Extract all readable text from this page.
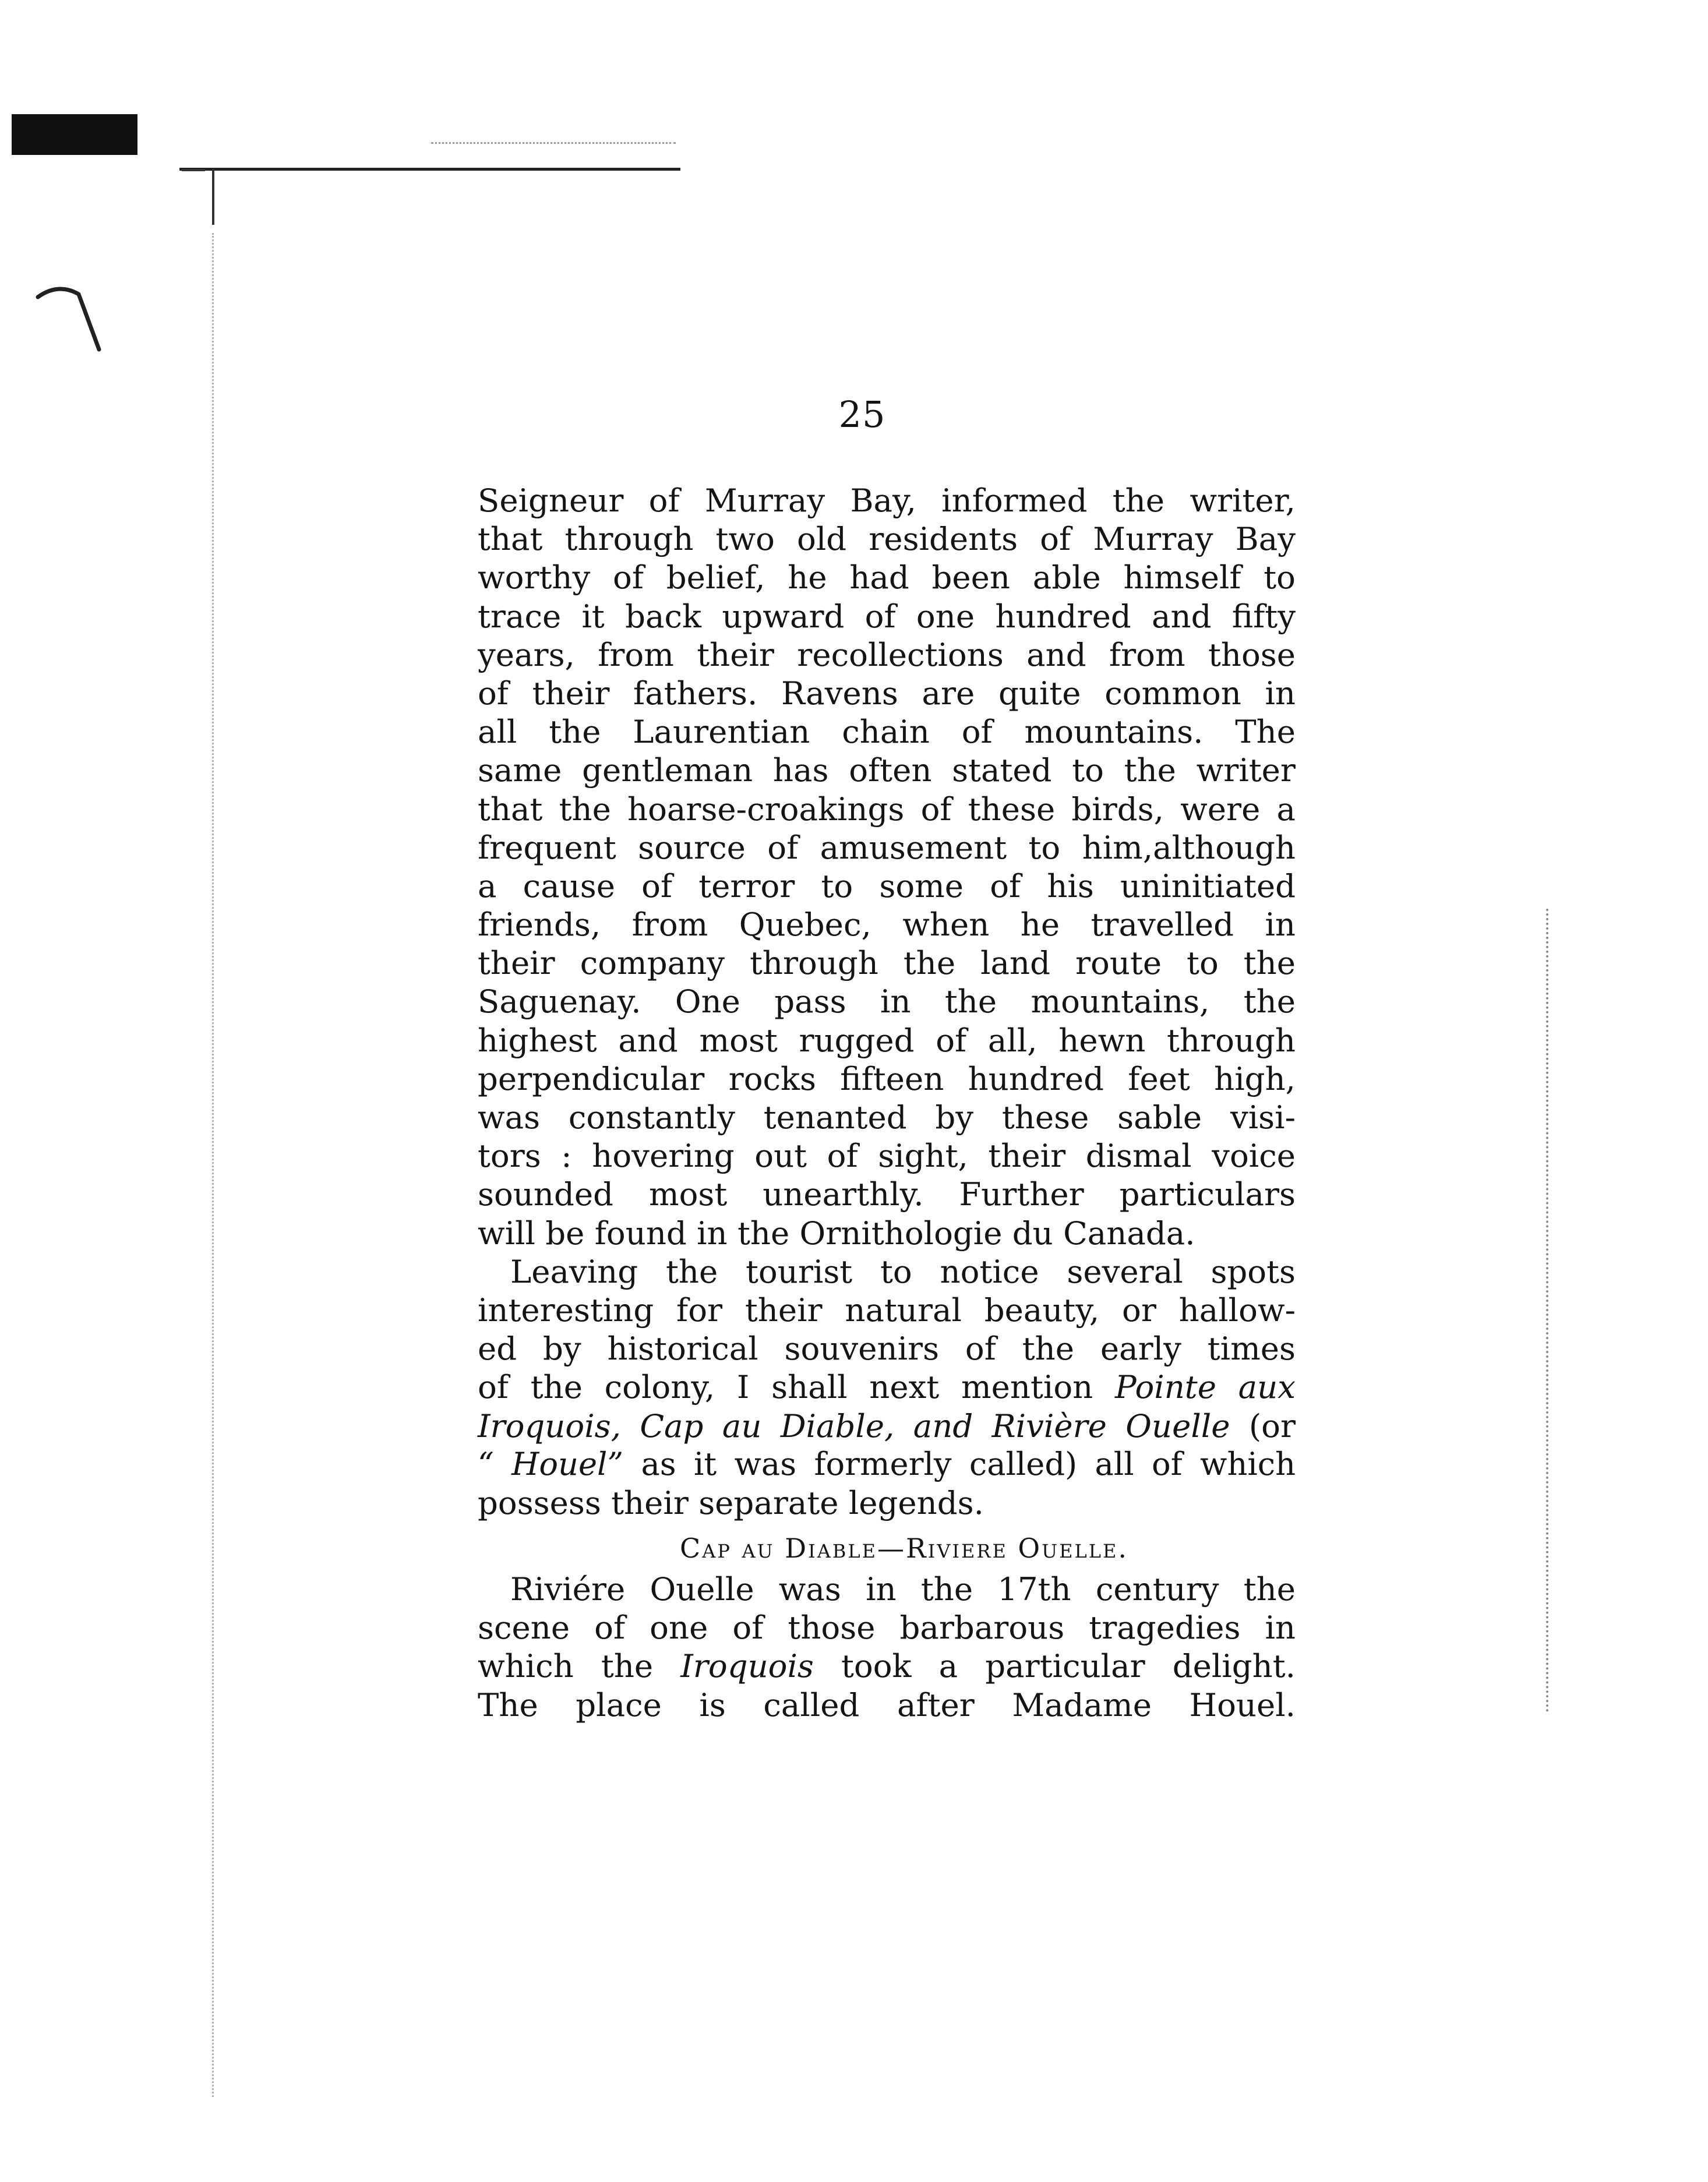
25
Seigneur of Murray Bay, informed the writer,
that through two old residents of Murray Bay
worthy of belief, he had been able himself to
trace it back upward of one hundred and fifty
years, from their recollections and from those
of their fathers. Ravens are quite common in
all the Laurentian chain of mountains. The
same gentleman has often stated to the writer
that the hoarse-croakings of these birds, were a
frequent source of amusement to him,although
a cause of terror to some of his uninitiated
friends, from Quebec, when he travelled in
their company through the land route to the
Saguenay. One pass in the mountains, the
highest and most rugged of all, hewn through
perpendicular rocks fifteen hundred feet high,
was constantly tenanted by these sable visi-
tors : hovering out of sight, their dismal voice
sounded most unearthly. Further particulars
will be found in the Ornithologie du Canada.
Leaving the tourist to notice several spots
interesting for their natural beauty, or hallow-
ed by historical souvenirs of the early times
of the colony, I shall next mention Pointe aux
Iroquois, Cap au Diable, and Rivière Ouelle (or
“ Houel” as it was formerly called) all of which
possess their separate legends.
Cap au Diable—Riviere Ouelle.
Riviére Ouelle was in the 17th century the
scene of one of those barbarous tragedies in
which the Iroquois took a particular delight.
The place is called after Madame Houel.
